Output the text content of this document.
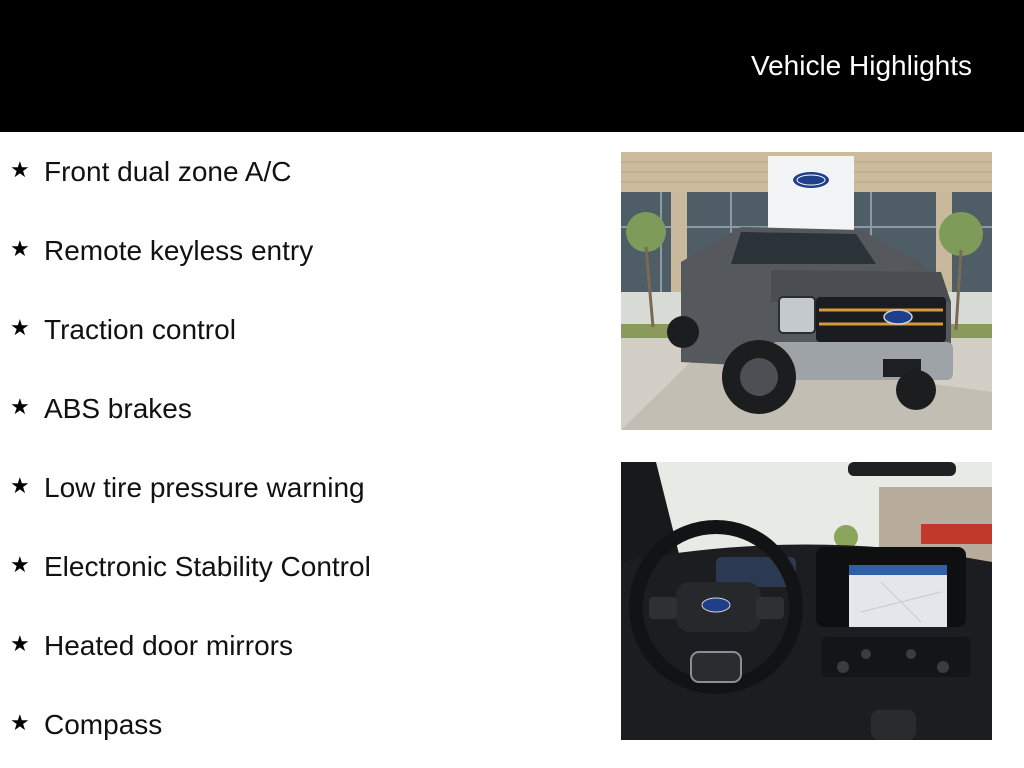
Vehicle Highlights
★ Front dual zone A/C
★ Remote keyless entry
★ Traction control
★ ABS brakes
★ Low tire pressure warning
★ Electronic Stability Control
★ Heated door mirrors
★ Compass
